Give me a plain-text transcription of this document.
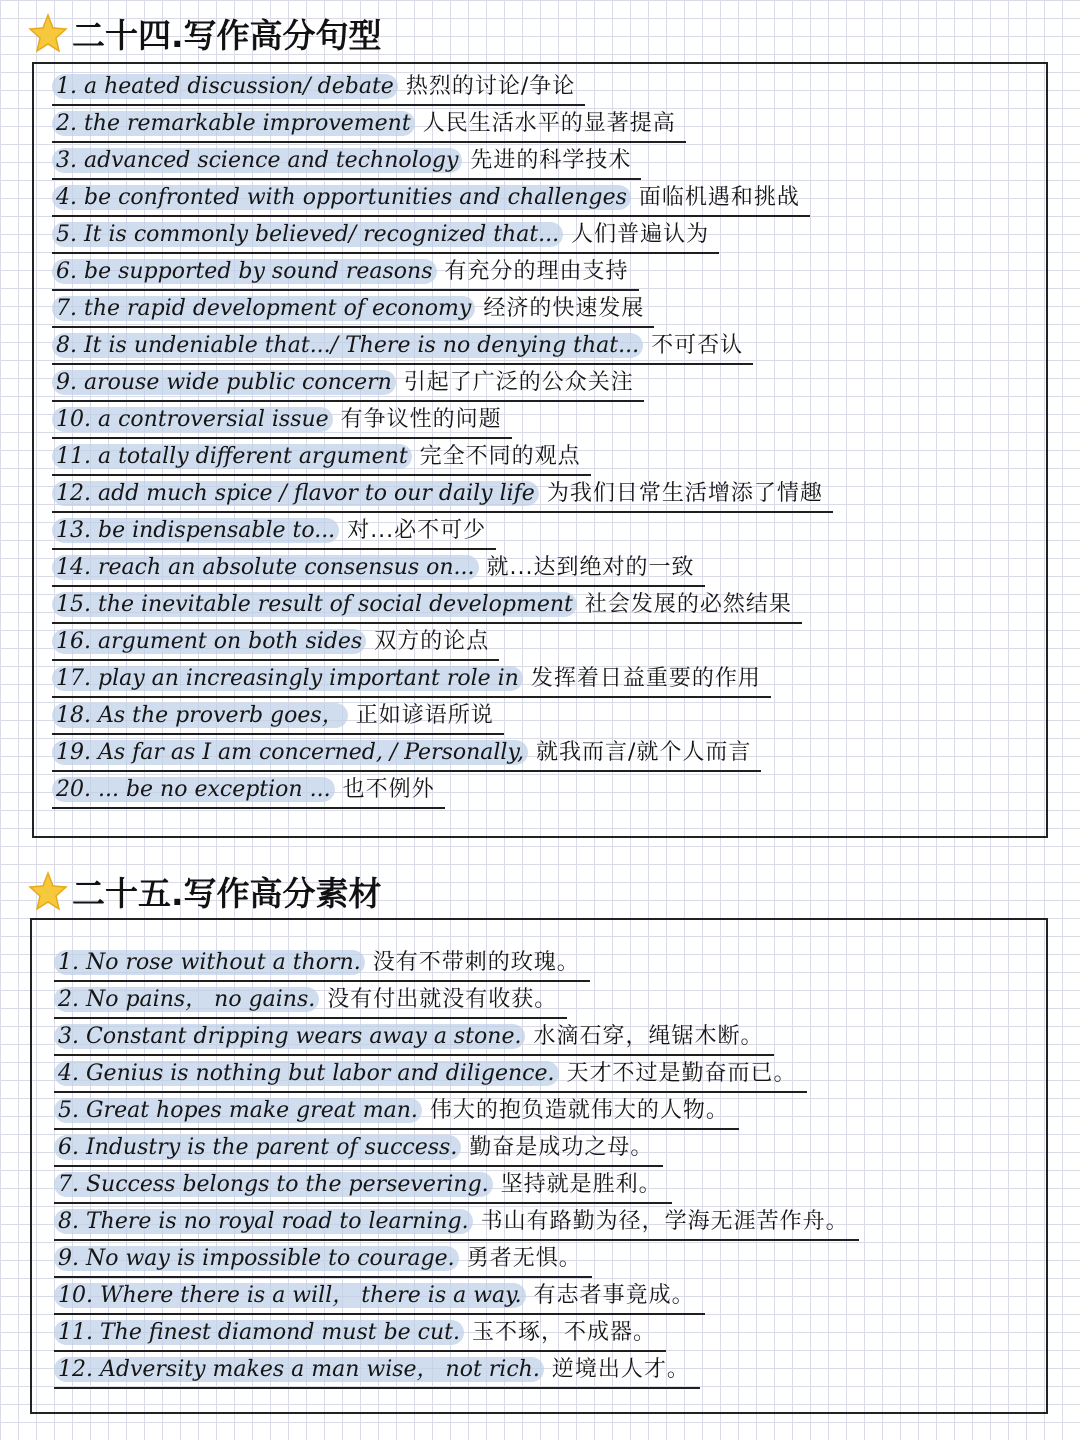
二十四.写作高分句型
1. a heated discussion/ debate 热烈的讨论/争论
2. the remarkable improvement 人民生活水平的显著提高
3. advanced science and technology 先进的科学技术
4. be confronted with opportunities and challenges 面临机遇和挑战
5. It is commonly believed/ recognized that... 人们普遍认为
6. be supported by sound reasons 有充分的理由支持
7. the rapid development of economy 经济的快速发展
8. It is undeniable that.../ There is no denying that... 不可否认
9. arouse wide public concern 引起了广泛的公众关注
10. a controversial issue 有争议性的问题
11. a totally different argument 完全不同的观点
12. add much spice / flavor to our daily life 为我们日常生活增添了情趣
13. be indispensable to... 对...必不可少
14. reach an absolute consensus on... 就...达到绝对的一致
15. the inevitable result of social development 社会发展的必然结果
16. argument on both sides 双方的论点
17. play an increasingly important role in 发挥着日益重要的作用
18. As the proverb goes， 正如谚语所说
19. As far as I am concerned, / Personally, 就我而言/就个人而言
20. ... be no exception ... 也不例外
二十五.写作高分素材
1. No rose without a thorn. 没有不带刺的玫瑰。
2. No pains， no gains. 没有付出就没有收获。
3. Constant dripping wears away a stone. 水滴石穿，绳锯木断。
4. Genius is nothing but labor and diligence. 天才不过是勤奋而已。
5. Great hopes make great man. 伟大的抱负造就伟大的人物。
6. Industry is the parent of success. 勤奋是成功之母。
7. Success belongs to the persevering. 坚持就是胜利。
8. There is no royal road to learning. 书山有路勤为径，学海无涯苦作舟。
9. No way is impossible to courage. 勇者无惧。
10. Where there is a will， there is a way. 有志者事竟成。
11. The finest diamond must be cut. 玉不琢，不成器。
12. Adversity makes a man wise， not rich. 逆境出人才。
